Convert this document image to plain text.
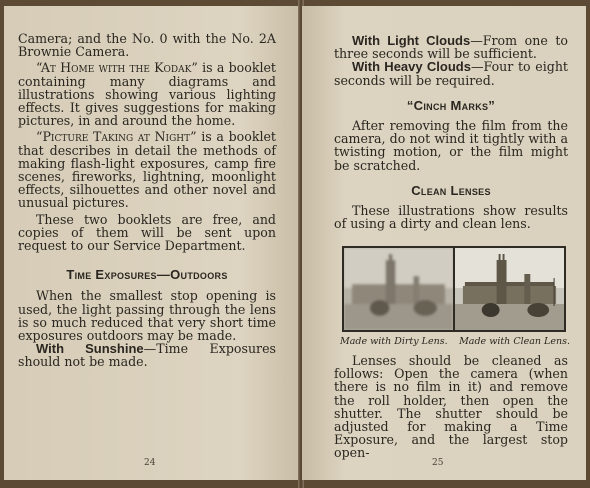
Camera; and the No. 0 with the No. 2A Brownie Camera.

“At Home with the Kodak” is a booklet containing many diagrams and illustrations showing various lighting effects. It gives suggestions for making pictures, in and around the home.

“Picture Taking at Night” is a booklet that describes in detail the methods of making flash-light exposures, camp fire scenes, fireworks, lightning, moonlight effects, silhouettes and other novel and unusual pictures.

These two booklets are free, and copies of them will be sent upon request to our Service Department.

Time Exposures—Outdoors

When the smallest stop opening is used, the light passing through the lens is so much reduced that very short time exposures outdoors may be made.

With Sunshine—Time Exposures should not be made.

24

With Light Clouds—From one to three seconds will be sufficient.

With Heavy Clouds—Four to eight seconds will be required.

“Cinch Marks”

After removing the film from the camera, do not wind it tightly with a twisting motion, or the film might be scratched.

Clean Lenses

These illustrations show results of using a dirty and clean lens.

Made with Dirty Lens. Made with Clean Lens.

Lenses should be cleaned as follows: Open the camera (when there is no film in it) and remove the roll holder, then open the shutter. The shutter should be adjusted for making a Time Exposure, and the largest stop open-

25
